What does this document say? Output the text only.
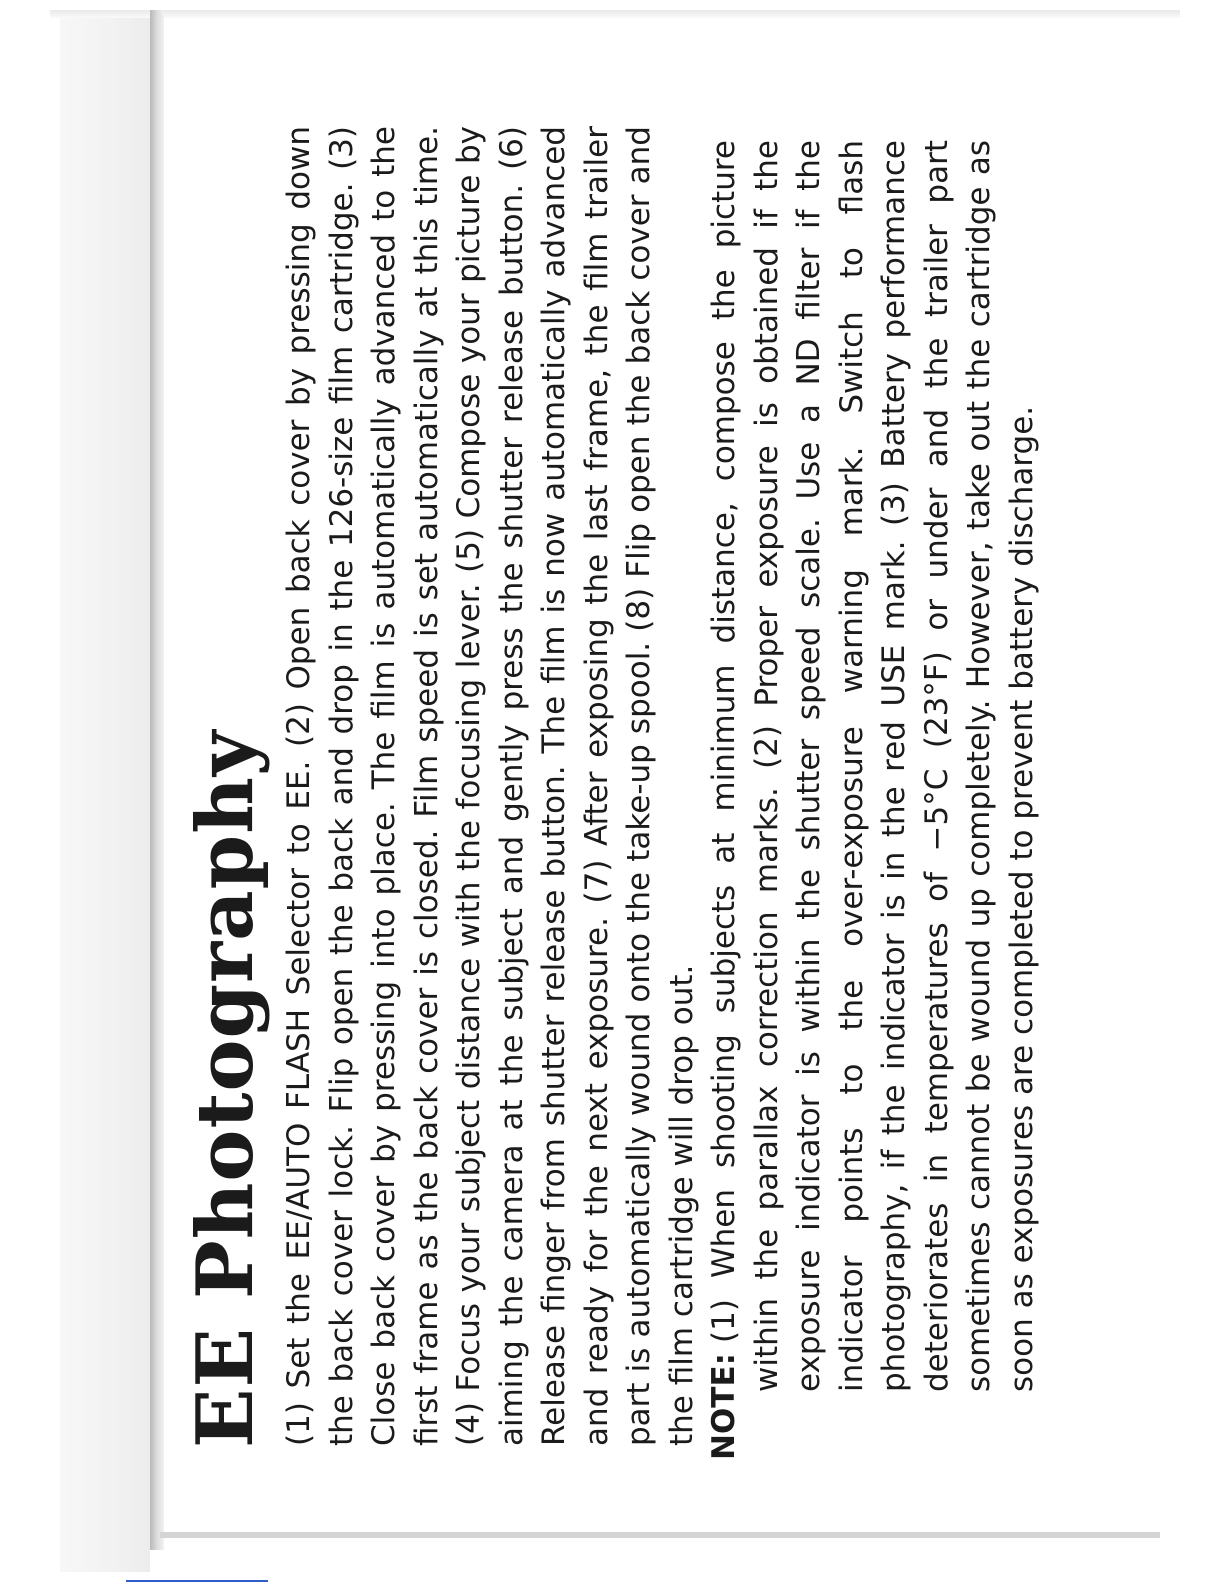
EE Photography (1) Set the EE/AUTO FLASH Selector to EE. (2) Open back cover by pressing down the back cover lock. Flip open the back and drop in the 126-size film cartridge. (3) Close back cover by pressing into place. The film is automatically advanced to the first frame as the back cover is closed. Film speed is set automatically at this time. (4) Focus your subject distance with the focusing lever. (5) Compose your picture by aiming the camera at the subject and gently press the shutter release button. (6) Release finger from shutter release button. The film is now automatically advanced and ready for the next exposure. (7) After exposing the last frame, the film trailer part is automatically wound onto the take-up spool. (8) Flip open the back cover and the film cartridge will drop out. NOTE:(1) When shooting subjects at minimum distance, compose the picture within the parallax correction marks. (2) Proper exposure is obtained if the exposure indicator is within the shutter speed scale. Use a ND filter if the indicator points to the over-exposure warning mark. Switch to flash photography, if the indicator is in the red USE mark. (3) Battery performance deteriorates in temperatures of −5°C (23°F) or under and the trailer part sometimes cannot be wound up completely. However, take out the cartridge as soon as exposures are completed to prevent battery discharge.
